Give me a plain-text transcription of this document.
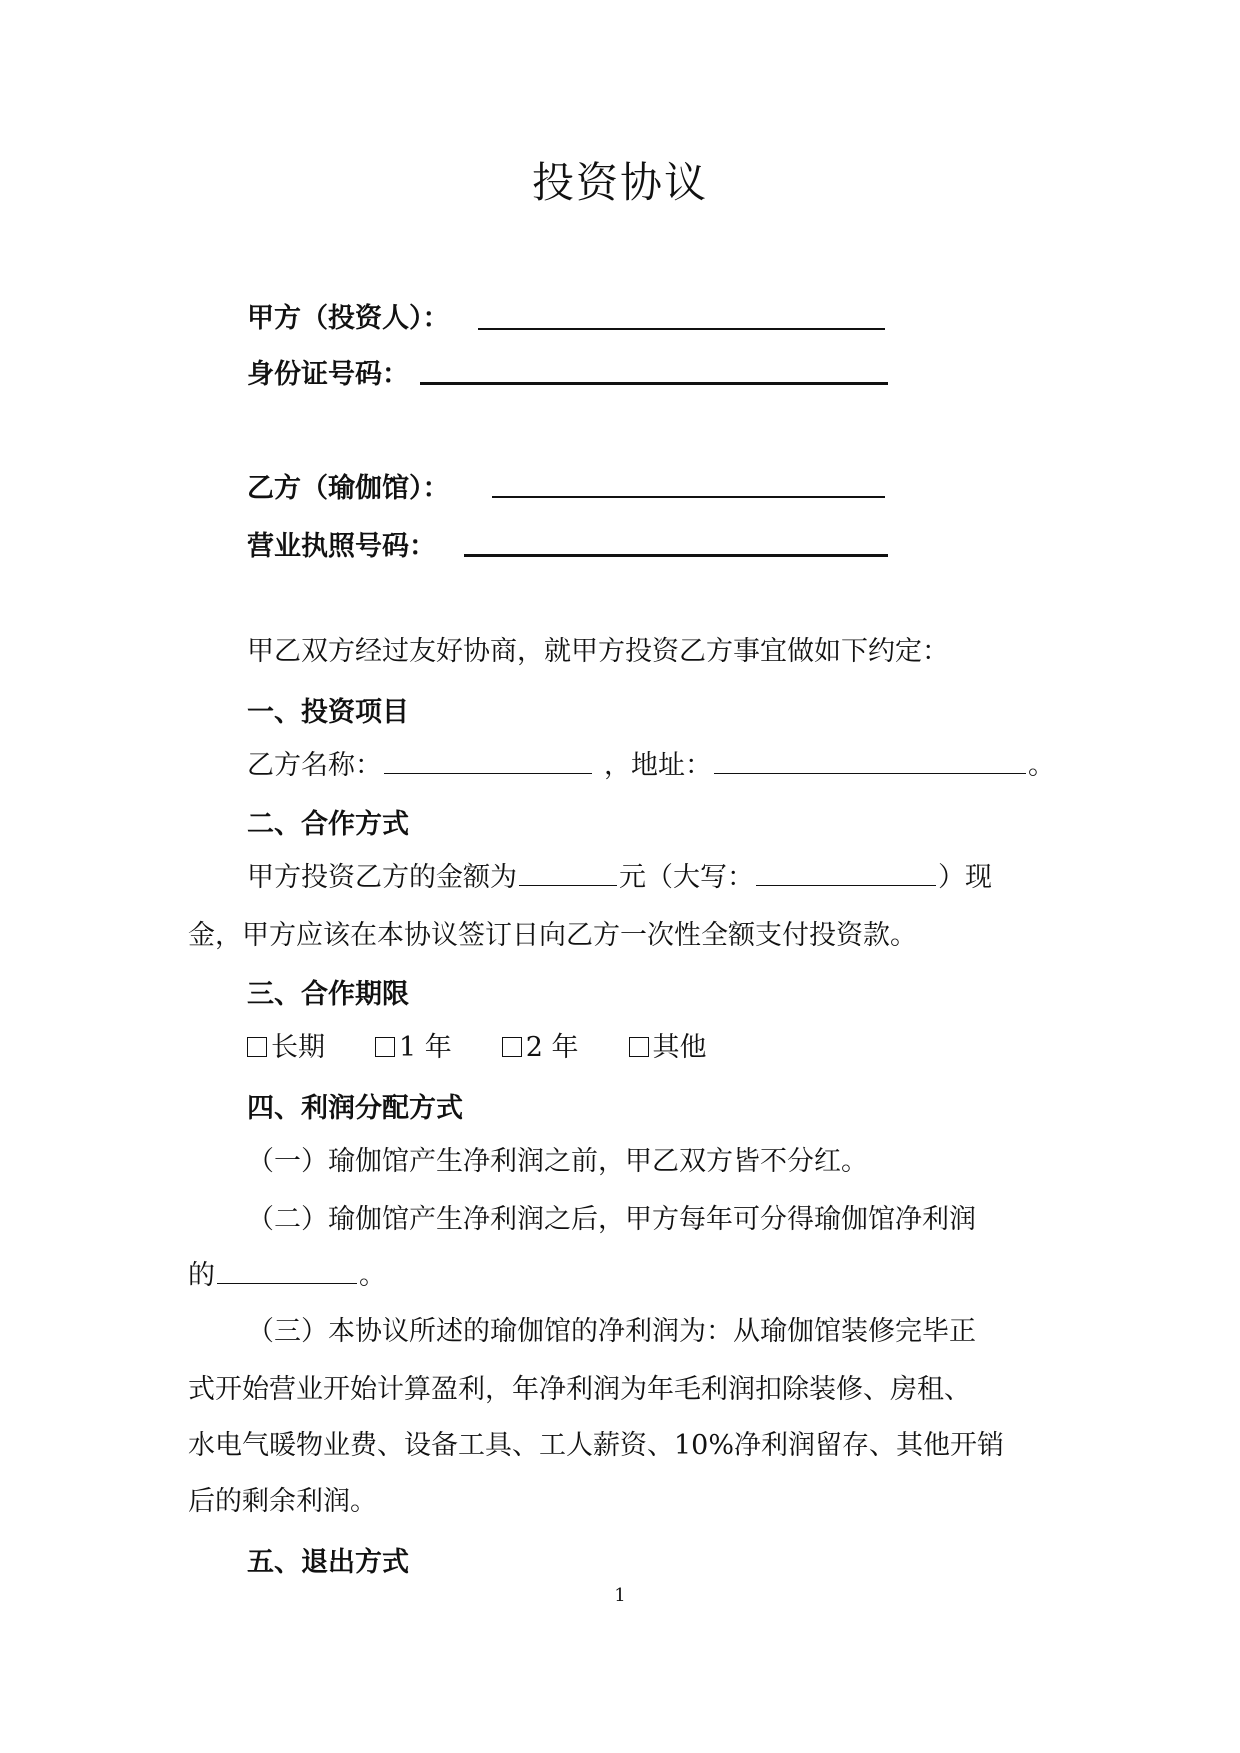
投资协议
甲方（投资人）：
身份证号码：
乙方（瑜伽馆）：
营业执照号码：
甲乙双方经过友好协商，就甲方投资乙方事宜做如下约定：
一、投资项目
乙方名称：	，地址：	。
二、合作方式
甲方投资乙方的金额为	元（大写：	）现
金，甲方应该在本协议签订日向乙方一次性全额支付投资款。
三、合作期限
长期	1 年	2 年	其他
四、利润分配方式
（一）瑜伽馆产生净利润之前，甲乙双方皆不分红。
（二）瑜伽馆产生净利润之后，甲方每年可分得瑜伽馆净利润
的	。
（三）本协议所述的瑜伽馆的净利润为：从瑜伽馆装修完毕正
式开始营业开始计算盈利，年净利润为年毛利润扣除装修、房租、
水电气暖物业费、设备工具、工人薪资、10%净利润留存、其他开销
后的剩余利润。
五、退出方式
1
